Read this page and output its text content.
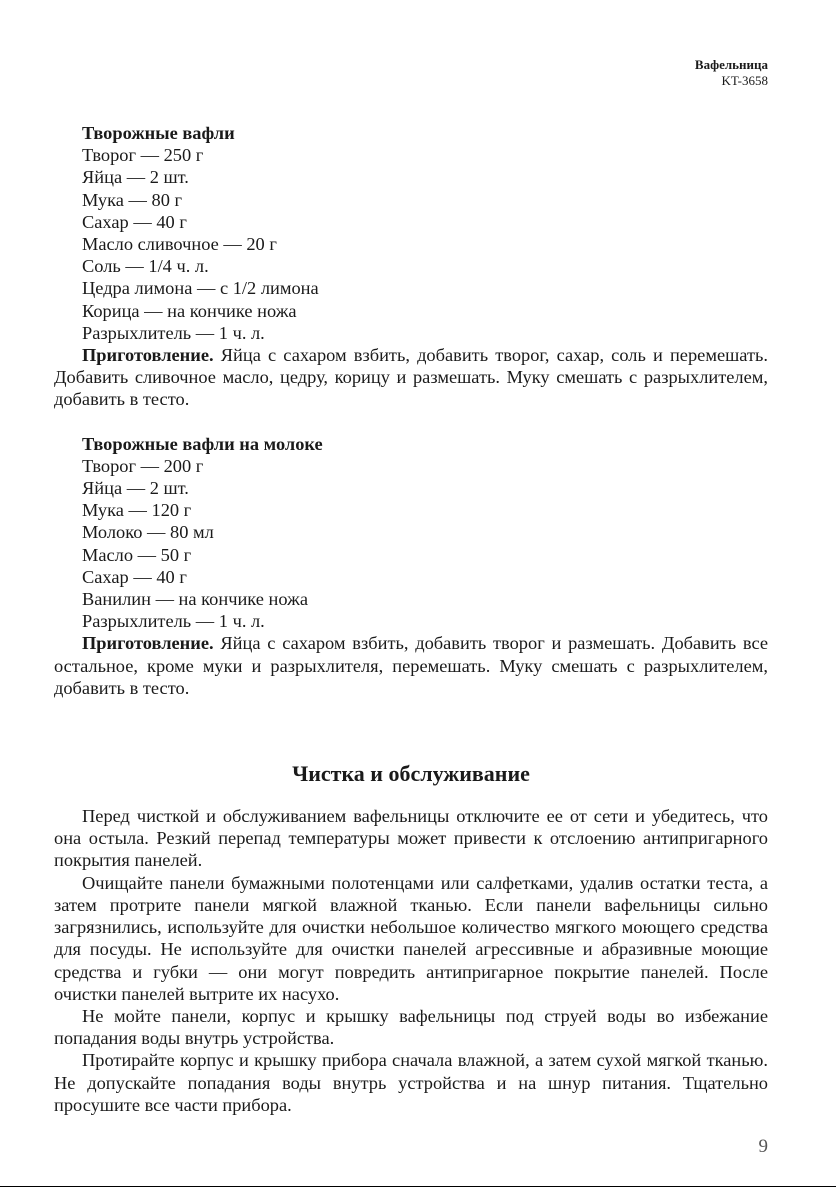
Вафельница
KT-3658
Творожные вафли
Творог — 250 г
Яйца — 2 шт.
Мука — 80 г
Сахар — 40 г
Масло сливочное — 20 г
Соль — 1/4 ч. л.
Цедра лимона — с 1/2 лимона
Корица — на кончике ножа
Разрыхлитель — 1 ч. л.

Приготовление. Яйца с сахаром взбить, добавить творог, сахар, соль и перемешать. Добавить сливочное масло, цедру, корицу и размешать. Муку смешать с разрыхлителем, добавить в тесто.

Творожные вафли на молоке
Творог — 200 г
Яйца — 2 шт.
Мука — 120 г
Молоко — 80 мл
Масло — 50 г
Сахар — 40 г
Ванилин — на кончике ножа
Разрыхлитель — 1 ч. л.

Приготовление. Яйца с сахаром взбить, добавить творог и размешать. Добавить все остальное, кроме муки и разрыхлителя, перемешать. Муку смешать с разрыхлителем, добавить в тесто.

Чистка и обслуживание

Перед чисткой и обслуживанием вафельницы отключите ее от сети и убедитесь, что она остыла. Резкий перепад температуры может привести к отслоению антипригарного покрытия панелей.

Очищайте панели бумажными полотенцами или салфетками, удалив остатки теста, а затем протрите панели мягкой влажной тканью. Если панели вафельницы сильно загрязнились, используйте для очистки небольшое количество мягкого моющего средства для посуды. Не используйте для очистки панелей агрессивные и абразивные моющие средства и губки — они могут повредить антипригарное покрытие панелей. После очистки панелей вытрите их насухо.

Не мойте панели, корпус и крышку вафельницы под струей воды во избежание попадания воды внутрь устройства.

Протирайте корпус и крышку прибора сначала влажной, а затем сухой мягкой тканью. Не допускайте попадания воды внутрь устройства и на шнур питания. Тщательно просушите все части прибора.

9
